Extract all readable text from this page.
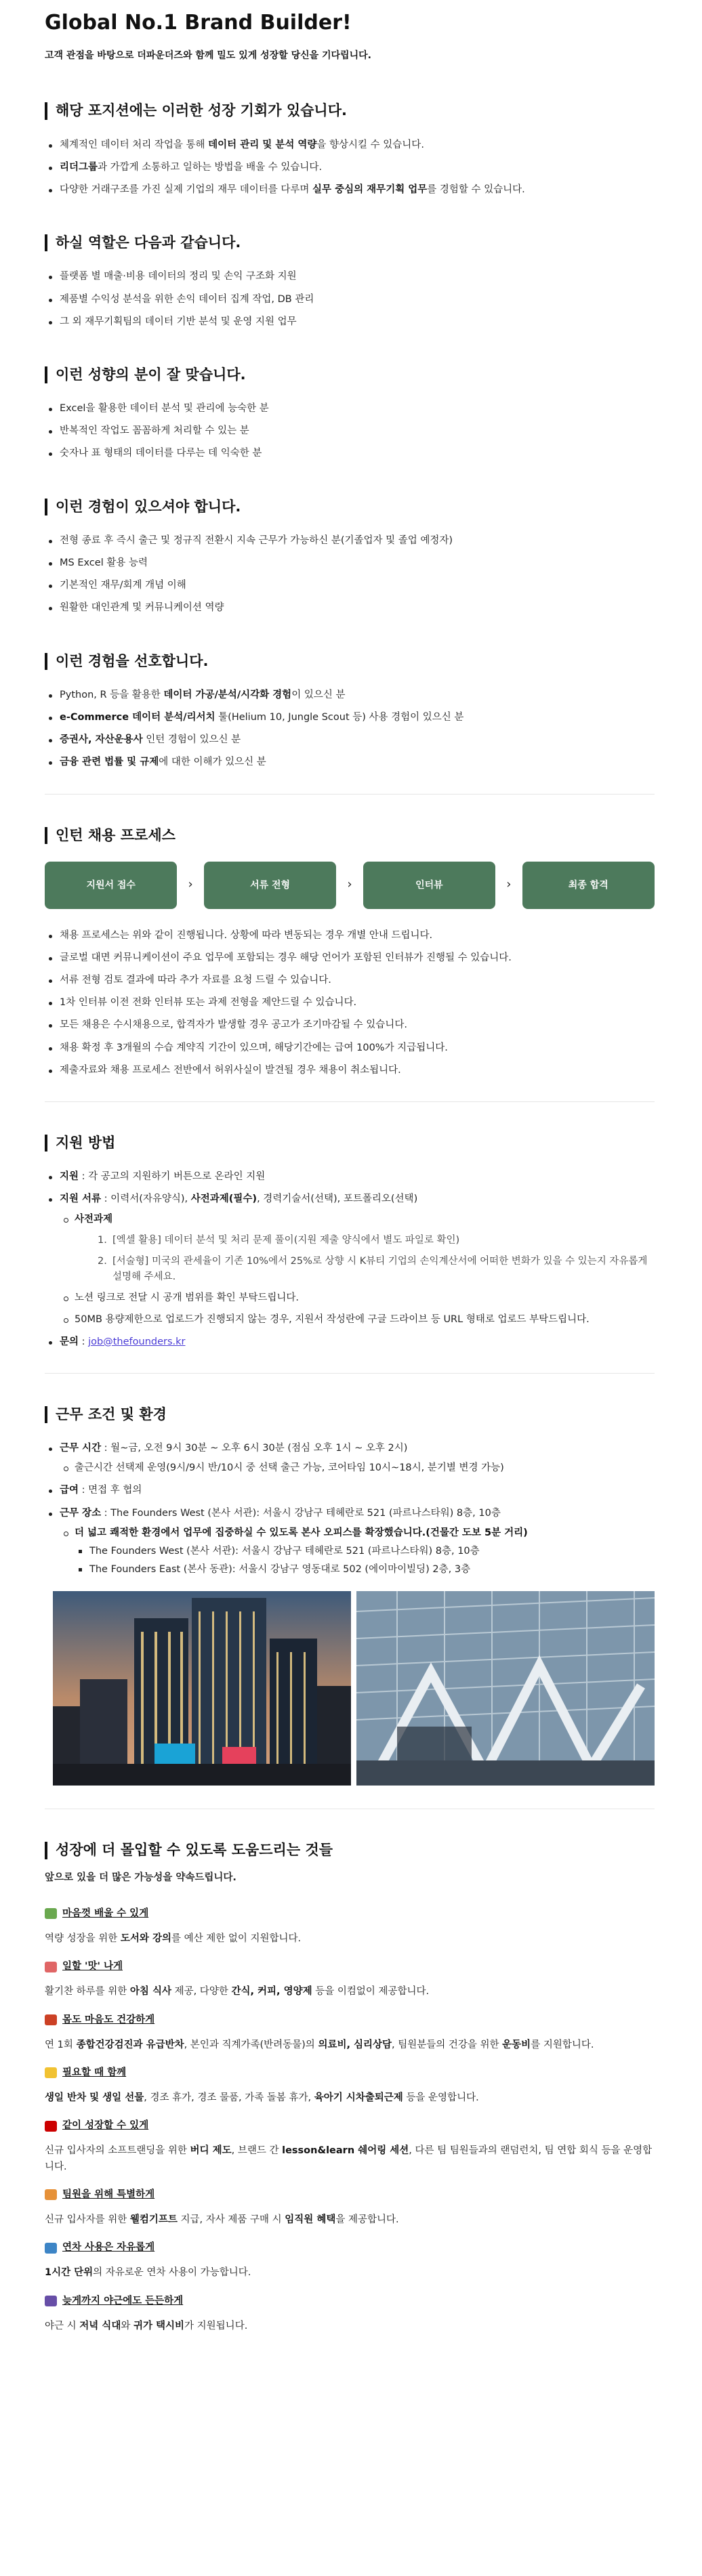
Global No.1 Brand Builder!
고객 관점을 바탕으로 더파운더즈와 함께 밀도 있게 성장할 당신을 기다립니다.
해당 포지션에는 이러한 성장 기회가 있습니다.
체계적인 데이터 처리 작업을 통해 데이터 관리 및 분석 역량을 향상시킬 수 있습니다.
리더그룹과 가깝게 소통하고 일하는 방법을 배울 수 있습니다.
다양한 거래구조를 가진 실제 기업의 재무 데이터를 다루며 실무 중심의 재무기획 업무를 경험할 수 있습니다.
하실 역할은 다음과 같습니다.
플랫폼 별 매출·비용 데이터의 정리 및 손익 구조화 지원
제품별 수익성 분석을 위한 손익 데이터 집계 작업, DB 관리
그 외 재무기획팀의 데이터 기반 분석 및 운영 지원 업무
이런 성향의 분이 잘 맞습니다.
Excel을 활용한 데이터 분석 및 관리에 능숙한 분
반복적인 작업도 꼼꼼하게 처리할 수 있는 분
숫자나 표 형태의 데이터를 다루는 데 익숙한 분
이런 경험이 있으셔야 합니다.
전형 종료 후 즉시 출근 및 정규직 전환시 지속 근무가 가능하신 분(기졸업자 및 졸업 예정자)
MS Excel 활용 능력
기본적인 재무/회계 개념 이해
원활한 대인관계 및 커뮤니케이션 역량
이런 경험을 선호합니다.
Python, R 등을 활용한 데이터 가공/분석/시각화 경험이 있으신 분
e-Commerce 데이터 분석/리서치 툴(Helium 10, Jungle Scout 등) 사용 경험이 있으신 분
증권사, 자산운용사 인턴 경험이 있으신 분
금융 관련 법률 및 규제에 대한 이해가 있으신 분
인턴 채용 프로세스
지원서 접수	›	서류 전형	›	인터뷰	›	최종 합격
채용 프로세스는 위와 같이 진행됩니다. 상황에 따라 변동되는 경우 개별 안내 드립니다.
글로벌 대면 커뮤니케이션이 주요 업무에 포함되는 경우 해당 언어가 포함된 인터뷰가 진행될 수 있습니다.
서류 전형 검토 결과에 따라 추가 자료를 요청 드릴 수 있습니다.
1차 인터뷰 이전 전화 인터뷰 또는 과제 전형을 제안드릴 수 있습니다.
모든 채용은 수시채용으로, 합격자가 발생할 경우 공고가 조기마감될 수 있습니다.
채용 확정 후 3개월의 수습 계약직 기간이 있으며, 해당기간에는 급여 100%가 지급됩니다.
제출자료와 채용 프로세스 전반에서 허위사실이 발견될 경우 채용이 취소됩니다.
지원 방법
지원 : 각 공고의 지원하기 버튼으로 온라인 지원
지원 서류 : 이력서(자유양식), 사전과제(필수), 경력기술서(선택), 포트폴리오(선택)
사전과제
1. [엑셀 활용] 데이터 분석 및 처리 문제 풀이(지원 제출 양식에서 별도 파일로 확인)
2. [서술형] 미국의 관세율이 기존 10%에서 25%로 상향 시 K뷰티 기업의 손익계산서에 어떠한 변화가 있을 수 있는지 자유롭게 설명해 주세요.
노션 링크로 전달 시 공개 범위를 확인 부탁드립니다.
50MB 용량제한으로 업로드가 진행되지 않는 경우, 지원서 작성란에 구글 드라이브 등 URL 형태로 업로드 부탁드립니다.
문의 : job@thefounders.kr
근무 조건 및 환경
근무 시간 : 월~금, 오전 9시 30분 ~ 오후 6시 30분 (점심 오후 1시 ~ 오후 2시)
출근시간 선택제 운영(9시/9시 반/10시 중 선택 출근 가능, 코어타임 10시~18시, 분기별 변경 가능)
급여 : 면접 후 협의
근무 장소 : The Founders West (본사 서관): 서울시 강남구 테헤란로 521 (파르나스타워) 8층, 10층
더 넓고 쾌적한 환경에서 업무에 집중하실 수 있도록 본사 오피스를 확장했습니다.(건물간 도보 5분 거리)
The Founders West (본사 서관): 서울시 강남구 테헤란로 521 (파르나스타워) 8층, 10층
The Founders East (본사 동관): 서울시 강남구 영동대로 502 (에이마이빌딩) 2층, 3층
성장에 더 몰입할 수 있도록 도움드리는 것들
앞으로 있을 더 많은 가능성을 약속드립니다.
마음껏 배울 수 있게
역량 성장을 위한 도서와 강의를 예산 제한 없이 지원합니다.
일할 '맛' 나게
활기찬 하루를 위한 아침 식사 제공, 다양한 간식, 커피, 영양제 등을 이컴없이 제공합니다.
몸도 마음도 건강하게
연 1회 종합건강검진과 유급반차, 본인과 직계가족(반려동물)의 의료비, 심리상담, 팀원분들의 건강을 위한 운동비를 지원합니다.
필요할 때 함께
생일 반차 및 생일 선물, 경조 휴가, 경조 물품, 가족 돌봄 휴가, 육아기 시차출퇴근제 등을 운영합니다.
같이 성장할 수 있게
신규 입사자의 소프트랜딩을 위한 버디 제도, 브랜드 간 lesson&learn 쉐어링 세션, 다른 팀 팀원들과의 랜덤런치, 팀 연합 회식 등을 운영합니다.
팀원을 위해 특별하게
신규 입사자를 위한 웰컴기프트 지급, 자사 제품 구매 시 임직원 혜택을 제공합니다.
연차 사용은 자유롭게
1시간 단위의 자유로운 연차 사용이 가능합니다.
늦게까지 야근에도 든든하게
야근 시 저녁 식대와 귀가 택시비가 지원됩니다.
